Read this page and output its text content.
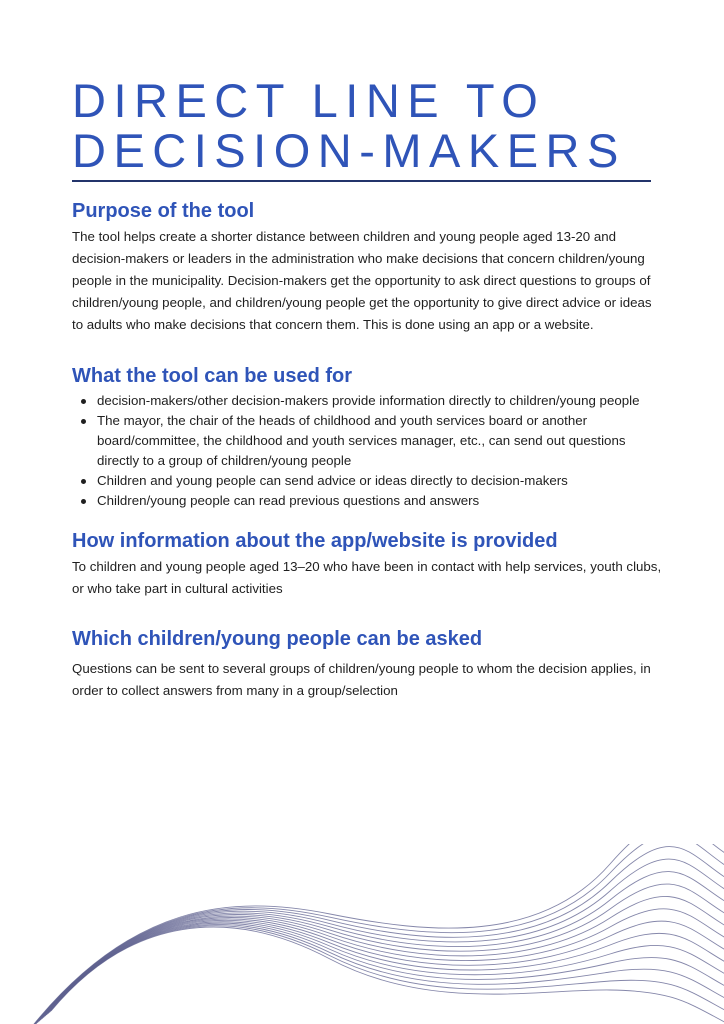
DIRECT LINE TO
DECISION-MAKERS
Purpose of the tool

The tool helps create a shorter distance between children and young people aged 13-20 and decision-makers or leaders in the administration who make decisions that concern children/young people in the municipality. Decision-makers get the opportunity to ask direct questions to groups of children/young people, and children/young people get the opportunity to give direct advice or ideas to adults who make decisions that concern them. This is done using an app or a website.

What the tool can be used for
decision-makers/other decision-makers provide information directly to children/young people
The mayor, the chair of the heads of childhood and youth services board or another board/committee, the childhood and youth services manager, etc., can send out questions directly to a group of children/young people
Children and young people can send advice or ideas directly to decision-makers
Children/young people can read previous questions and answers
How information about the app/website is provided

To children and young people aged 13–20 who have been in contact with help services, youth clubs, or who take part in cultural activities

Which children/young people can be asked

Questions can be sent to several groups of children/young people to whom the decision applies, in order to collect answers from many in a group/selection
